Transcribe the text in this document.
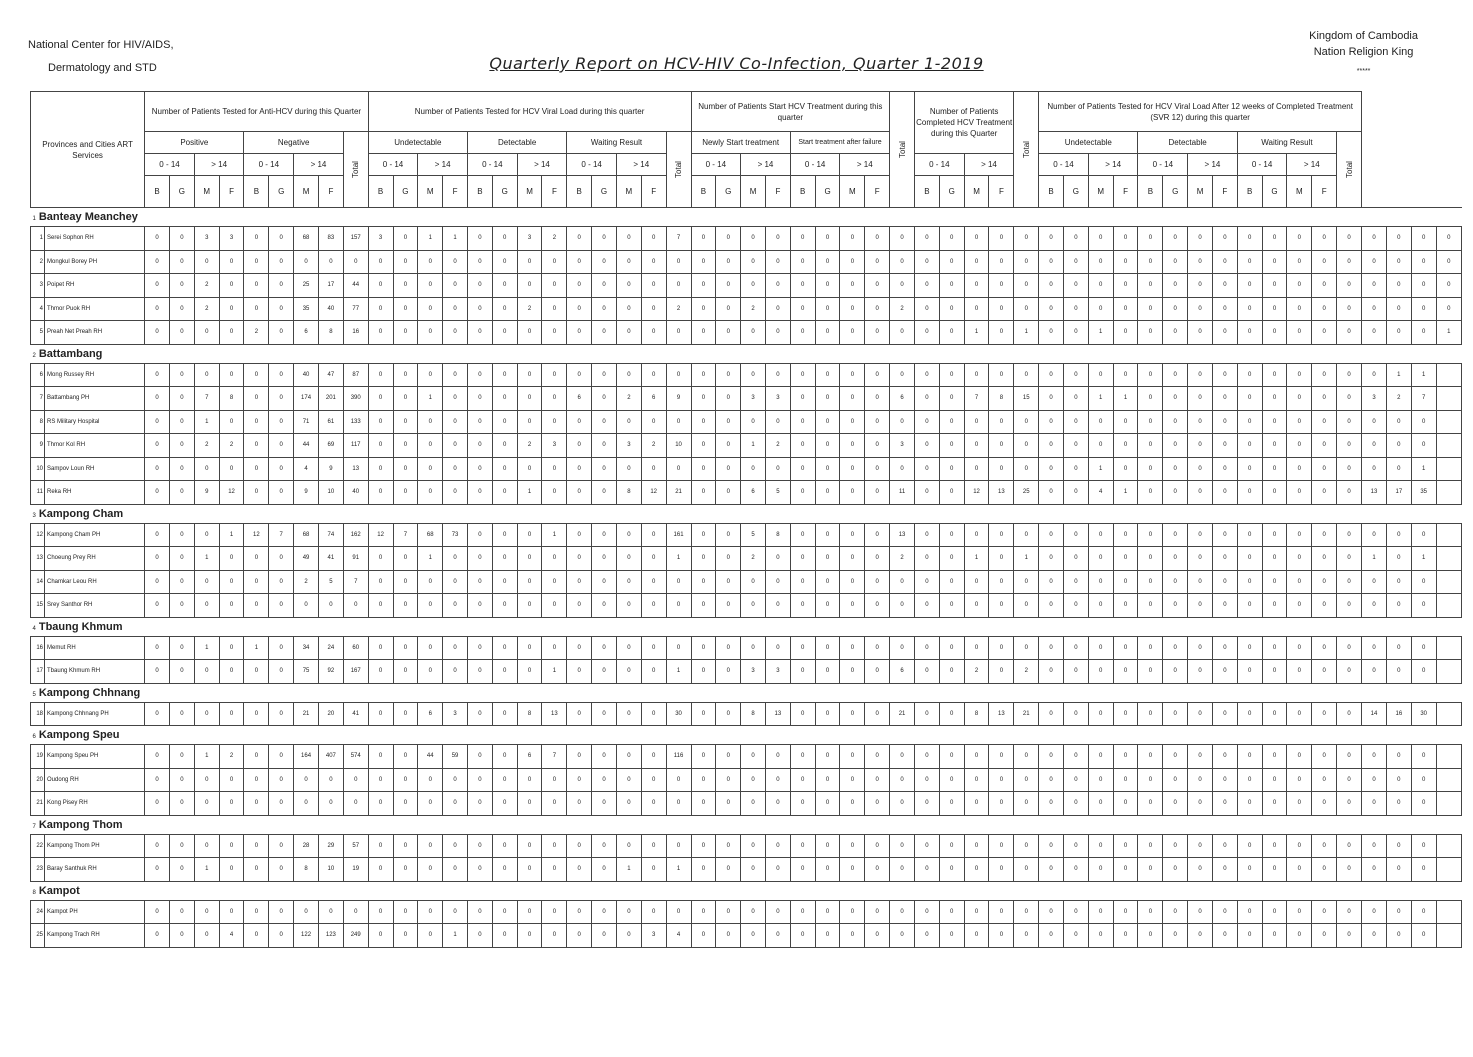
National Center for HIV/AIDS,
Dermatology and STD
Kingdom of Cambodia
Nation Religion King
*****
Quarterly Report on HCV-HIV Co-Infection, Quarter 1-2019
Provinces and Cities ART Services		Number of Patients Tested for Anti-HCV during this Quarter									Number of Patients Tested for HCV Viral Load during this quarter													Number of Patients Start HCV Treatment during this quarter								Total	Number of Patients Completed HCV Treatment during this Quarter				Total	Number of Patients Tested for HCV Viral Load After 12 weeks of Completed Treatment (SVR 12) during this quarter																
		Positive				Negative				Total	Undetectable				Detectable				Waiting Result				Total	Newly Start treatment				Start treatment after failure										Undetectable				Detectable				Waiting Result				Total				
		0 - 14		> 14		0 - 14		> 14			0 - 14		> 14		0 - 14		> 14		0 - 14		> 14			0 - 14		> 14		0 - 14		> 14			0 - 14		> 14			0 - 14		> 14		0 - 14		> 14		0 - 14		> 14						
		B	G	M	F	B	G	M	F		B	G	M	F	B	G	M	F	B	G	M	F		B	G	M	F	B	G	M	F		B	G	M	F		B	G	M	F	B	G	M	F	B	G	M	F					
1 Banteay Meanchey																																																						
1	Serei Sophon RH	0	0	3	3	0	0	68	83	157	3	0	1	1	0	0	3	2	0	0	0	0	7	0	0	0	0	0	0	0	0	0	0	0	0	0	0	0	0	0	0	0	0	0	0	0	0	0	0	0	0	0	0	0
2	Mongkul Borey PH	0	0	0	0	0	0	0	0	0	0	0	0	0	0	0	0	0	0	0	0	0	0	0	0	0	0	0	0	0	0	0	0	0	0	0	0	0	0	0	0	0	0	0	0	0	0	0	0	0	0	0	0	0
3	Poipet RH	0	0	2	0	0	0	25	17	44	0	0	0	0	0	0	0	0	0	0	0	0	0	0	0	0	0	0	0	0	0	0	0	0	0	0	0	0	0	0	0	0	0	0	0	0	0	0	0	0	0	0	0	0
4	Thmor Puok RH	0	0	2	0	0	0	35	40	77	0	0	0	0	0	0	2	0	0	0	0	0	2	0	0	2	0	0	0	0	0	2	0	0	0	0	0	0	0	0	0	0	0	0	0	0	0	0	0	0	0	0	0	0
5	Preah Net Preah RH	0	0	0	0	2	0	6	8	16	0	0	0	0	0	0	0	0	0	0	0	0	0	0	0	0	0	0	0	0	0	0	0	0	1	0	1	0	0	1	0	0	0	0	0	0	0	0	0	0	0	0	0	1
2 Battambang																																																						
6	Mong Russey RH	0	0	0	0	0	0	40	47	87	0	0	0	0	0	0	0	0	0	0	0	0	0	0	0	0	0	0	0	0	0	0	0	0	0	0	0	0	0	0	0	0	0	0	0	0	0	0	0	0	0	1	1	
7	Battambang PH	0	0	7	8	0	0	174	201	390	0	0	1	0	0	0	0	0	6	0	2	6	9	0	0	3	3	0	0	0	0	6	0	0	7	8	15	0	0	1	1	0	0	0	0	0	0	0	0	0	3	2	7	
8	RS Military Hospital	0	0	1	0	0	0	71	61	133	0	0	0	0	0	0	0	0	0	0	0	0	0	0	0	0	0	0	0	0	0	0	0	0	0	0	0	0	0	0	0	0	0	0	0	0	0	0	0	0	0	0	0	
9	Thmor Kol RH	0	0	2	2	0	0	44	69	117	0	0	0	0	0	0	2	3	0	0	3	2	10	0	0	1	2	0	0	0	0	3	0	0	0	0	0	0	0	0	0	0	0	0	0	0	0	0	0	0	0	0	0	
10	Sampov Loun RH	0	0	0	0	0	0	4	9	13	0	0	0	0	0	0	0	0	0	0	0	0	0	0	0	0	0	0	0	0	0	0	0	0	0	0	0	0	0	1	0	0	0	0	0	0	0	0	0	0	0	0	1	
11	Reka RH	0	0	9	12	0	0	9	10	40	0	0	0	0	0	0	1	0	0	0	8	12	21	0	0	6	5	0	0	0	0	11	0	0	12	13	25	0	0	4	1	0	0	0	0	0	0	0	0	0	13	17	35	
3 Kampong Cham																																																						
12	Kampong Cham PH	0	0	0	1	12	7	68	74	162	12	7	68	73	0	0	0	1	0	0	0	0	161	0	0	5	8	0	0	0	0	13	0	0	0	0	0	0	0	0	0	0	0	0	0	0	0	0	0	0	0	0	0	
13	Choeung Prey RH	0	0	1	0	0	0	49	41	91	0	0	1	0	0	0	0	0	0	0	0	0	1	0	0	2	0	0	0	0	0	2	0	0	1	0	1	0	0	0	0	0	0	0	0	0	0	0	0	0	1	0	1	
14	Chamkar Leou RH	0	0	0	0	0	0	2	5	7	0	0	0	0	0	0	0	0	0	0	0	0	0	0	0	0	0	0	0	0	0	0	0	0	0	0	0	0	0	0	0	0	0	0	0	0	0	0	0	0	0	0	0	
15	Srey Santhor RH	0	0	0	0	0	0	0	0	0	0	0	0	0	0	0	0	0	0	0	0	0	0	0	0	0	0	0	0	0	0	0	0	0	0	0	0	0	0	0	0	0	0	0	0	0	0	0	0	0	0	0	0	
4 Tbaung Khmum																																																						
16	Memut RH	0	0	1	0	1	0	34	24	60	0	0	0	0	0	0	0	0	0	0	0	0	0	0	0	0	0	0	0	0	0	0	0	0	0	0	0	0	0	0	0	0	0	0	0	0	0	0	0	0	0	0	0	
17	Tbaung Khmum RH	0	0	0	0	0	0	75	92	167	0	0	0	0	0	0	0	1	0	0	0	0	1	0	0	3	3	0	0	0	0	6	0	0	2	0	2	0	0	0	0	0	0	0	0	0	0	0	0	0	0	0	0	
5 Kampong Chhnang																																																						
18	Kampong Chhnang PH	0	0	0	0	0	0	21	20	41	0	0	6	3	0	0	8	13	0	0	0	0	30	0	0	8	13	0	0	0	0	21	0	0	8	13	21	0	0	0	0	0	0	0	0	0	0	0	0	0	14	16	30	
6 Kampong Speu																																																						
19	Kampong Speu PH	0	0	1	2	0	0	164	407	574	0	0	44	59	0	0	6	7	0	0	0	0	116	0	0	0	0	0	0	0	0	0	0	0	0	0	0	0	0	0	0	0	0	0	0	0	0	0	0	0	0	0	0	
20	Oudong RH	0	0	0	0	0	0	0	0	0	0	0	0	0	0	0	0	0	0	0	0	0	0	0	0	0	0	0	0	0	0	0	0	0	0	0	0	0	0	0	0	0	0	0	0	0	0	0	0	0	0	0	0	
21	Kong Pisey RH	0	0	0	0	0	0	0	0	0	0	0	0	0	0	0	0	0	0	0	0	0	0	0	0	0	0	0	0	0	0	0	0	0	0	0	0	0	0	0	0	0	0	0	0	0	0	0	0	0	0	0	0	
7 Kampong Thom																																																						
22	Kampong Thom PH	0	0	0	0	0	0	28	29	57	0	0	0	0	0	0	0	0	0	0	0	0	0	0	0	0	0	0	0	0	0	0	0	0	0	0	0	0	0	0	0	0	0	0	0	0	0	0	0	0	0	0	0	
23	Baray Santhuk RH	0	0	1	0	0	0	8	10	19	0	0	0	0	0	0	0	0	0	0	1	0	1	0	0	0	0	0	0	0	0	0	0	0	0	0	0	0	0	0	0	0	0	0	0	0	0	0	0	0	0	0	0	
8 Kampot																																																						
24	Kampot PH	0	0	0	0	0	0	0	0	0	0	0	0	0	0	0	0	0	0	0	0	0	0	0	0	0	0	0	0	0	0	0	0	0	0	0	0	0	0	0	0	0	0	0	0	0	0	0	0	0	0	0	0	
25	Kampong Trach RH	0	0	0	4	0	0	122	123	249	0	0	0	1	0	0	0	0	0	0	0	3	4	0	0	0	0	0	0	0	0	0	0	0	0	0	0	0	0	0	0	0	0	0	0	0	0	0	0	0	0	0	0	
